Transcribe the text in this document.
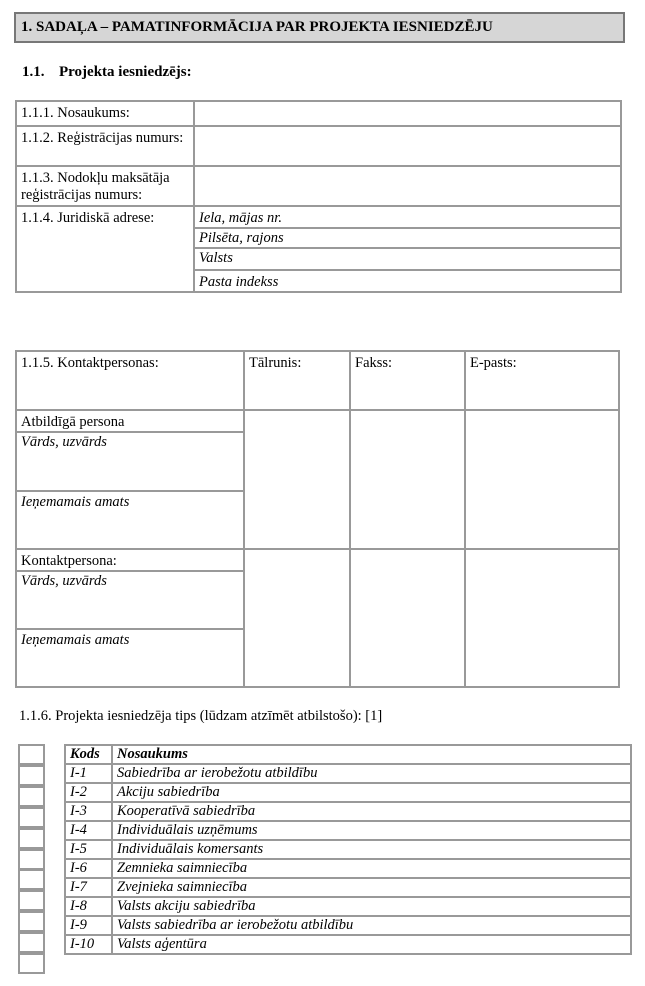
1. SADAĻA – PAMATINFORMĀCIJA PAR PROJEKTA IESNIEDZĒJU
1.1. Projekta iesniedzējs:
1.1.1. Nosaukums:
1.1.2. Reģistrācijas numurs:
1.1.3. Nodokļu maksātāja reģistrācijas numurs:
1.1.4. Juridiskā adrese:	Iela, mājas nr.
Pilsēta, rajons
Valsts
Pasta indekss
1.1.5. Kontaktpersonas:	Tālrunis:	Fakss:	E-pasts:
Atbildīgā persona
Vārds, uzvārds
Ieņemamais amats
Kontaktpersona:
Vārds, uzvārds
Ieņemamais amats
1.1.6. Projekta iesniedzēja tips (lūdzam atzīmēt atbilstošo): [1]
Kods	Nosaukums
I-1	Sabiedrība ar ierobežotu atbildību
I-2	Akciju sabiedrība
I-3	Kooperatīvā sabiedrība
I-4	Individuālais uzņēmums
I-5	Individuālais komersants
I-6	Zemnieka saimniecība
I-7	Zvejnieka saimniecība
I-8	Valsts akciju sabiedrība
I-9	Valsts sabiedrība ar ierobežotu atbildību
I-10	Valsts aģentūra
